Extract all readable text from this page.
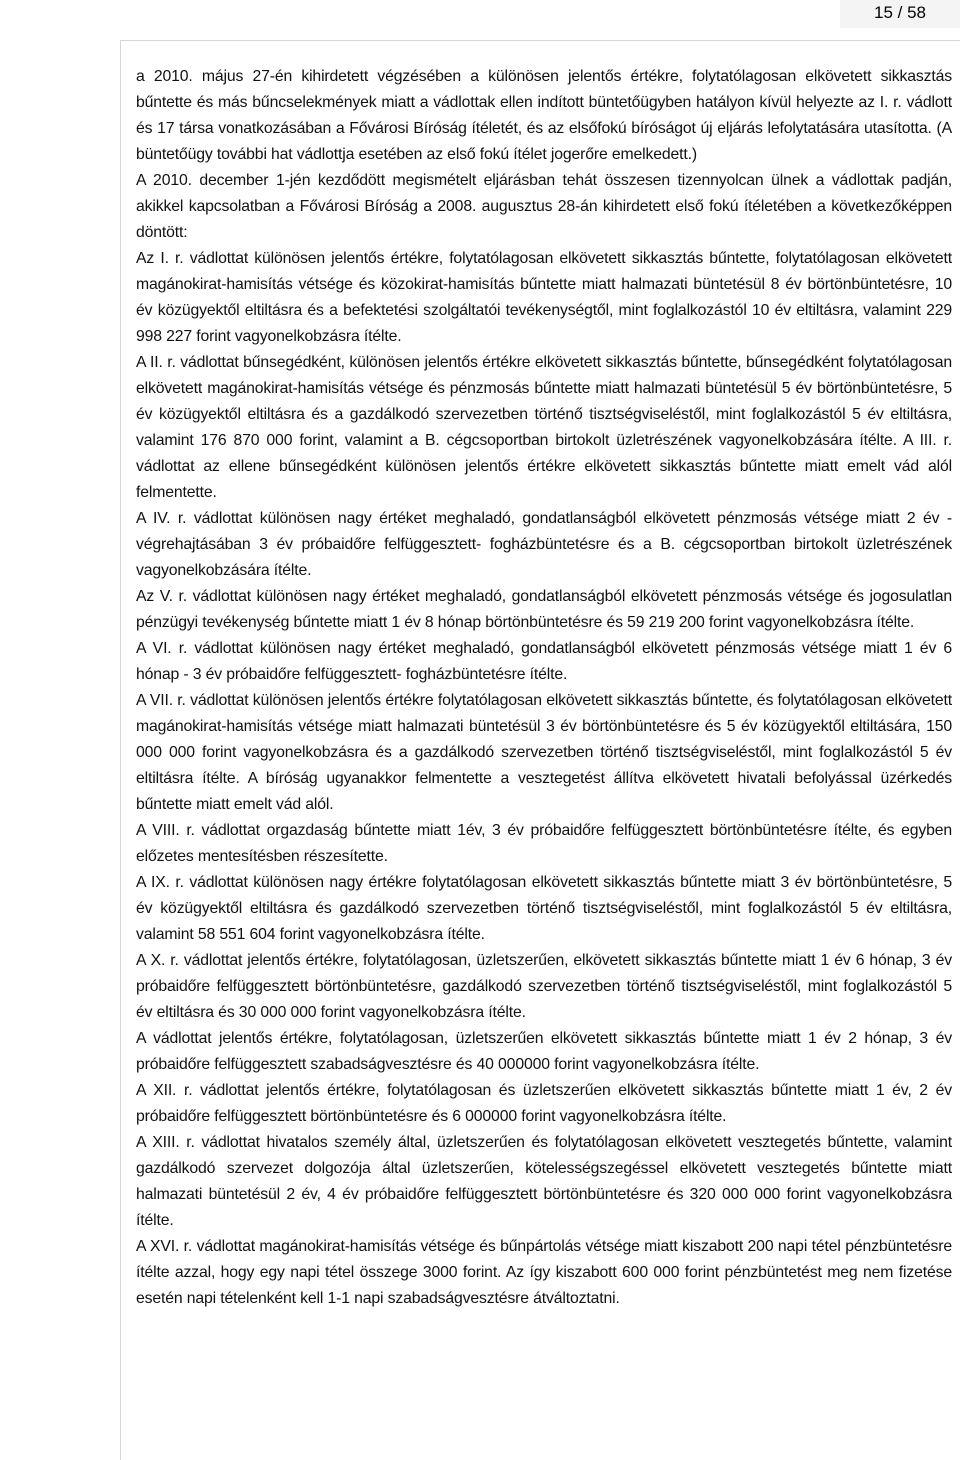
15 / 58

a 2010. május 27-én kihirdetett végzésében a különösen jelentős értékre, folytatólagosan elkövetett sikkasztás bűntette és más bűncselekmények miatt a vádlottak ellen indított büntetőügyben hatályon kívül helyezte az I. r. vádlott és 17 társa vonatkozásában a Fővárosi Bíróság ítéletét, és az elsőfokú bíróságot új eljárás lefolytatására utasította. (A büntetőügy további hat vádlottja esetében az első fokú ítélet jogerőre emelkedett.)

A 2010. december 1-jén kezdődött megismételt eljárásban tehát összesen tizennyolcan ülnek a vádlottak padján, akikkel kapcsolatban a Fővárosi Bíróság a 2008. augusztus 28-án kihirdetett első fokú ítéletében a következőképpen döntött:

Az I. r. vádlottat különösen jelentős értékre, folytatólagosan elkövetett sikkasztás bűntette, folytatólagosan elkövetett magánokirat-hamisítás vétsége és közokirat-hamisítás bűntette miatt halmazati büntetésül 8 év börtönbüntetésre, 10 év közügyektől eltiltásra és a befektetési szolgáltatói tevékenységtől, mint foglalkozástól 10 év eltiltásra, valamint 229 998 227 forint vagyonelkobzásra ítélte.

A II. r. vádlottat bűnsegédként, különösen jelentős értékre elkövetett sikkasztás bűntette, bűnsegédként folytatólagosan elkövetett magánokirat-hamisítás vétsége és pénzmosás bűntette miatt halmazati büntetésül 5 év börtönbüntetésre, 5 év közügyektől eltiltásra és a gazdálkodó szervezetben történő tisztségviseléstől, mint foglalkozástól 5 év eltiltásra, valamint 176 870 000 forint, valamint a B. cégcsoportban birtokolt üzletrészének vagyonelkobzására ítélte. A III. r. vádlottat az ellene bűnsegédként különösen jelentős értékre elkövetett sikkasztás bűntette miatt emelt vád alól felmentette.

A IV. r. vádlottat különösen nagy értéket meghaladó, gondatlanságból elkövetett pénzmosás vétsége miatt 2 év - végrehajtásában 3 év próbaidőre felfüggesztett- fogházbüntetésre és a B. cégcsoportban birtokolt üzletrészének vagyonelkobzására ítélte.

Az V. r. vádlottat különösen nagy értéket meghaladó, gondatlanságból elkövetett pénzmosás vétsége és jogosulatlan pénzügyi tevékenység bűntette miatt 1 év 8 hónap börtönbüntetésre és 59 219 200 forint vagyonelkobzásra ítélte.

A VI. r. vádlottat különösen nagy értéket meghaladó, gondatlanságból elkövetett pénzmosás vétsége miatt 1 év 6 hónap - 3 év próbaidőre felfüggesztett- fogházbüntetésre ítélte.

A VII. r. vádlottat különösen jelentős értékre folytatólagosan elkövetett sikkasztás bűntette, és folytatólagosan elkövetett magánokirat-hamisítás vétsége miatt halmazati büntetésül 3 év börtönbüntetésre és 5 év közügyektől eltiltására, 150 000 000 forint vagyonelkobzásra és a gazdálkodó szervezetben történő tisztségviseléstől, mint foglalkozástól 5 év eltiltásra ítélte. A bíróság ugyanakkor felmentette a vesztegetést állítva elkövetett hivatali befolyással üzérkedés bűntette miatt emelt vád alól.

A VIII. r. vádlottat orgazdaság bűntette miatt 1év, 3 év próbaidőre felfüggesztett börtönbüntetésre ítélte, és egyben előzetes mentesítésben részesítette.

A IX. r. vádlottat különösen nagy értékre folytatólagosan elkövetett sikkasztás bűntette miatt 3 év börtönbüntetésre, 5 év közügyektől eltiltásra és gazdálkodó szervezetben történő tisztségviseléstől, mint foglalkozástól 5 év eltiltásra, valamint 58 551 604 forint vagyonelkobzásra ítélte.

A X. r. vádlottat jelentős értékre, folytatólagosan, üzletszerűen, elkövetett sikkasztás bűntette miatt 1 év 6 hónap, 3 év próbaidőre felfüggesztett börtönbüntetésre, gazdálkodó szervezetben történő tisztségviseléstől, mint foglalkozástól 5 év eltiltásra és 30 000 000 forint vagyonelkobzásra ítélte.

A vádlottat jelentős értékre, folytatólagosan, üzletszerűen elkövetett sikkasztás bűntette miatt 1 év 2 hónap, 3 év próbaidőre felfüggesztett szabadságvesztésre és 40 000000 forint vagyonelkobzásra ítélte.

A XII. r. vádlottat jelentős értékre, folytatólagosan és üzletszerűen elkövetett sikkasztás bűntette miatt 1 év, 2 év próbaidőre felfüggesztett börtönbüntetésre és 6 000000 forint vagyonelkobzásra ítélte.

A XIII. r. vádlottat hivatalos személy által, üzletszerűen és folytatólagosan elkövetett vesztegetés bűntette, valamint gazdálkodó szervezet dolgozója által üzletszerűen, kötelességszegéssel elkövetett vesztegetés bűntette miatt halmazati büntetésül 2 év, 4 év próbaidőre felfüggesztett börtönbüntetésre és 320 000 000 forint vagyonelkobzásra ítélte.

A XVI. r. vádlottat magánokirat-hamisítás vétsége és bűnpártolás vétsége miatt kiszabott 200 napi tétel pénzbüntetésre ítélte azzal, hogy egy napi tétel összege 3000 forint. Az így kiszabott 600 000 forint pénzbüntetést meg nem fizetése esetén napi tételenként kell 1-1 napi szabadságvesztésre átváltoztatni.
